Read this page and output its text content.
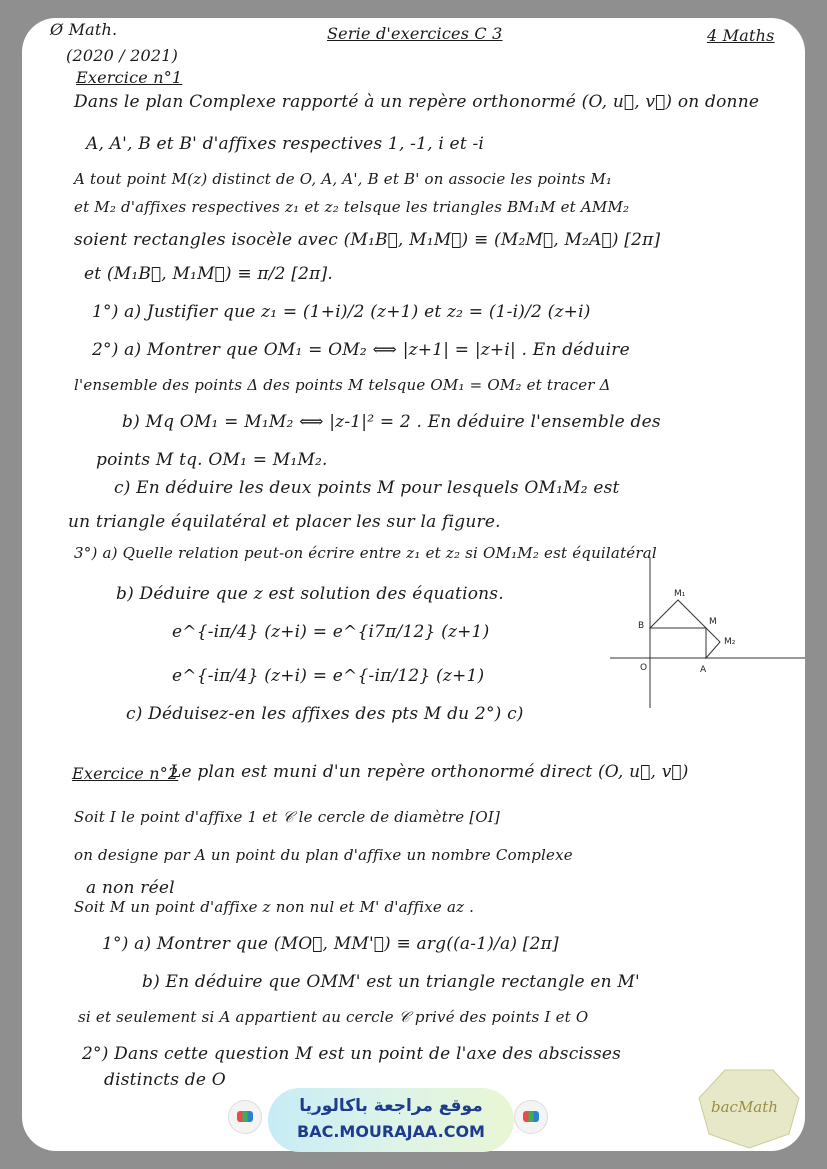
Ø Math.
(2020 / 2021)
Serie d'exercices C 3	4 Maths
Exercice n°1
Dans le plan Complexe rapporté à un repère orthonormé (O, u⃗, v⃗) on donne
A, A', B et B' d'affixes respectives 1, -1, i et -i
A tout point M(z) distinct de O, A, A', B et B' on associe les points M₁
et M₂ d'affixes respectives z₁ et z₂ telsque les triangles BM₁M et AMM₂
soient rectangles isocèle avec (M₁B⃗, M₁M⃗) ≡ (M₂M⃗, M₂A⃗) [2π]
et (M₁B⃗, M₁M⃗) ≡ π/2 [2π].
1°) a) Justifier que z₁ = (1+i)/2 (z+1) et z₂ = (1-i)/2 (z+i)
2°) a) Montrer que OM₁ = OM₂ ⟺ |z+1| = |z+i| . En déduire
l'ensemble des points Δ des points M telsque OM₁ = OM₂ et tracer Δ
b) Mq OM₁ = M₁M₂ ⟺ |z-1|² = 2 . En déduire l'ensemble des
points M tq. OM₁ = M₁M₂.
c) En déduire les deux points M pour lesquels OM₁M₂ est
un triangle équilatéral et placer les sur la figure.
3°) a) Quelle relation peut-on écrire entre z₁ et z₂ si OM₁M₂ est équilatéral
b) Déduire que z est solution des équations.
e^{-iπ/4} (z+i) = e^{i7π/12} (z+1)
e^{-iπ/4} (z+i) = e^{-iπ/12} (z+1)
c) Déduisez-en les affixes des pts M du 2°) c)
M₁
M
B
M₂
O	A
Exercice n°2
Le plan est muni d'un repère orthonormé direct (O, u⃗, v⃗)
Soit I le point d'affixe 1 et 𝒞 le cercle de diamètre [OI]
on designe par A un point du plan d'affixe un nombre Complexe
a non réel
Soit M un point d'affixe z non nul et M' d'affixe az .
1°) a) Montrer que (MO⃗, MM'⃗) ≡ arg((a-1)/a) [2π]
b) En déduire que OMM' est un triangle rectangle en M'
si et seulement si A appartient au cercle 𝒞 privé des points I et O
2°) Dans cette question M est un point de l'axe des abscisses
distincts de O
موقع مراجعة باكالوريا
BAC.MOURAJAA.COM
bacMath
